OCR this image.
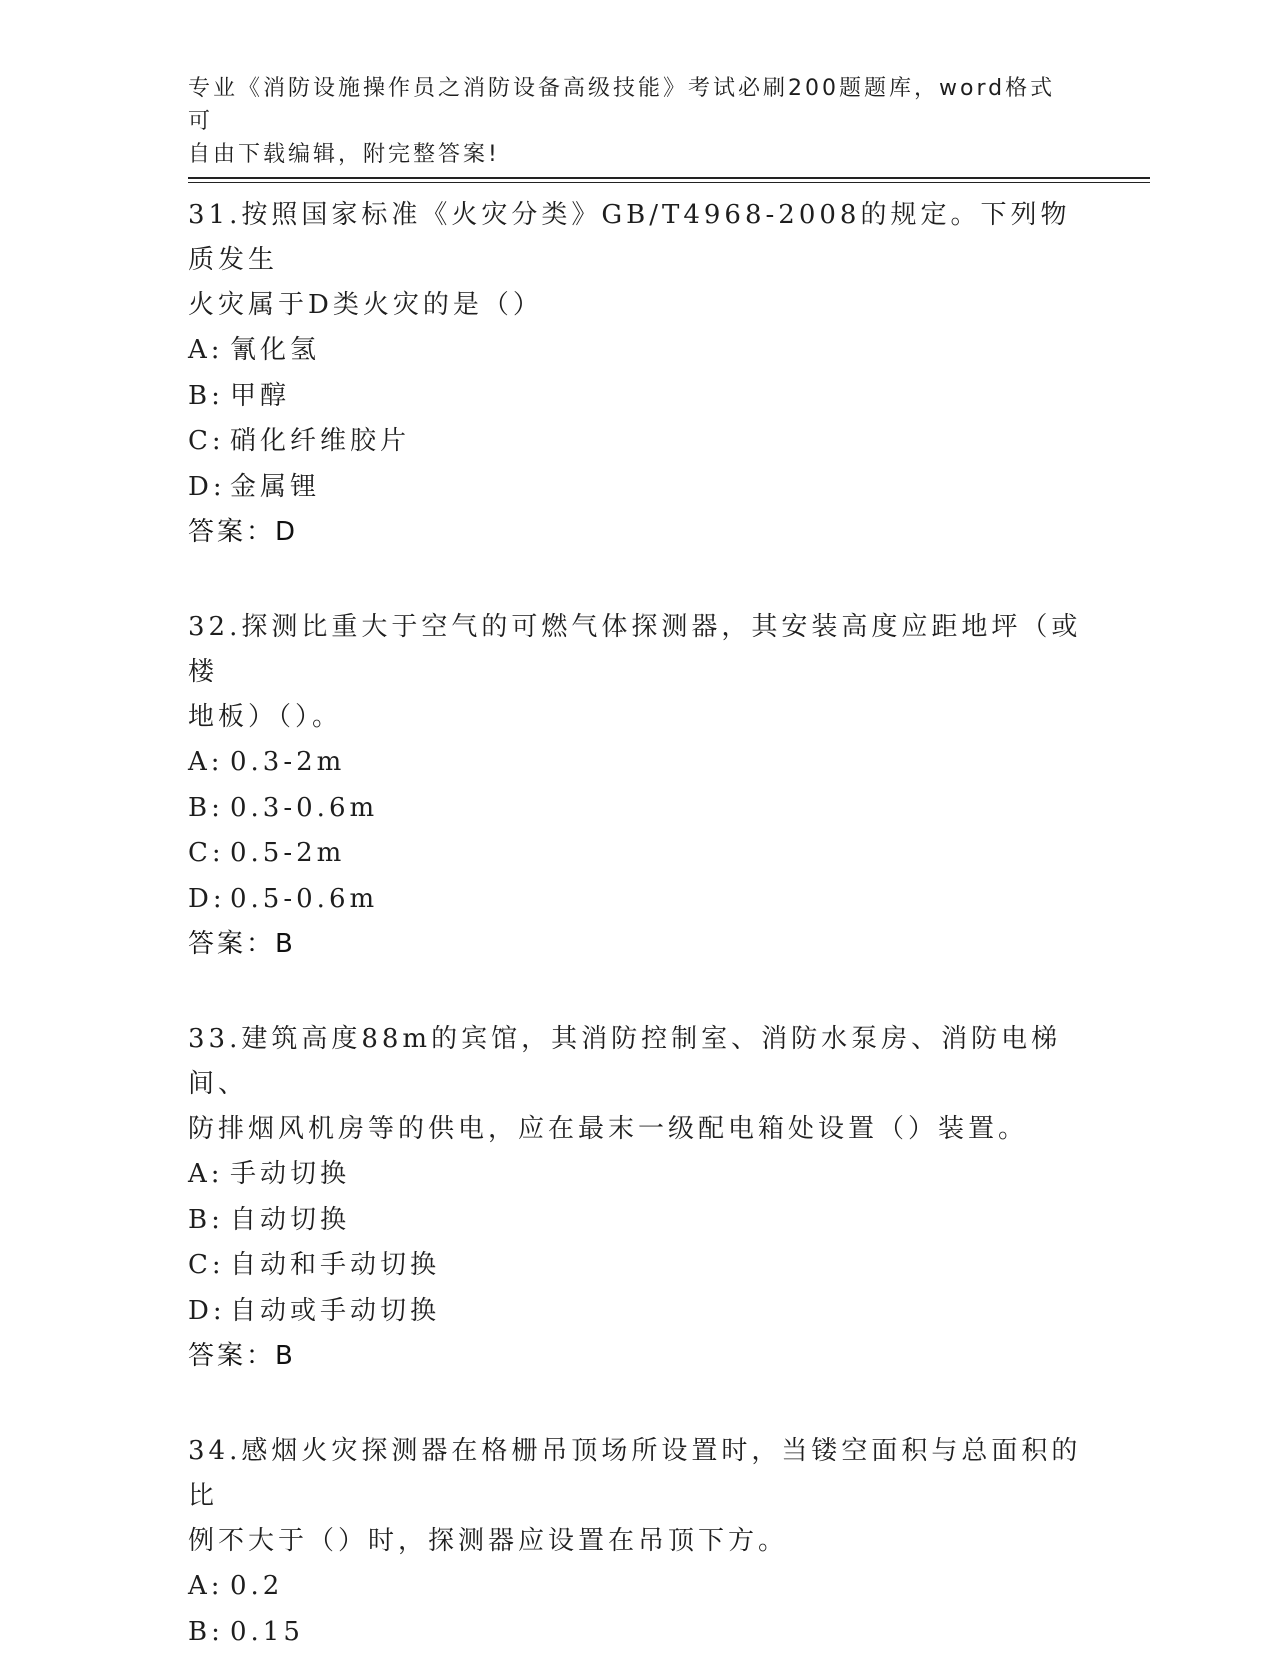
专业《消防设施操作员之消防设备高级技能》考试必刷200题题库，word格式可
自由下载编辑，附完整答案!

31.按照国家标准《火灾分类》GB/T4968-2008的规定。下列物质发生

火灾属于D类火灾的是（）

A: 氰化氢

B: 甲醇

C: 硝化纤维胶片

D: 金属锂

答案：D

32.探测比重大于空气的可燃气体探测器，其安装高度应距地坪（或楼

地板）（）。

A: 0.3-2m

B: 0.3-0.6m

C: 0.5-2m

D: 0.5-0.6m

答案：B

33.建筑高度88m的宾馆，其消防控制室、消防水泵房、消防电梯间、

防排烟风机房等的供电，应在最末一级配电箱处设置（）装置。

A: 手动切换

B: 自动切换

C: 自动和手动切换

D: 自动或手动切换

答案：B

34.感烟火灾探测器在格栅吊顶场所设置时，当镂空面积与总面积的比

例不大于（）时，探测器应设置在吊顶下方。

A: 0.2

B: 0.15
